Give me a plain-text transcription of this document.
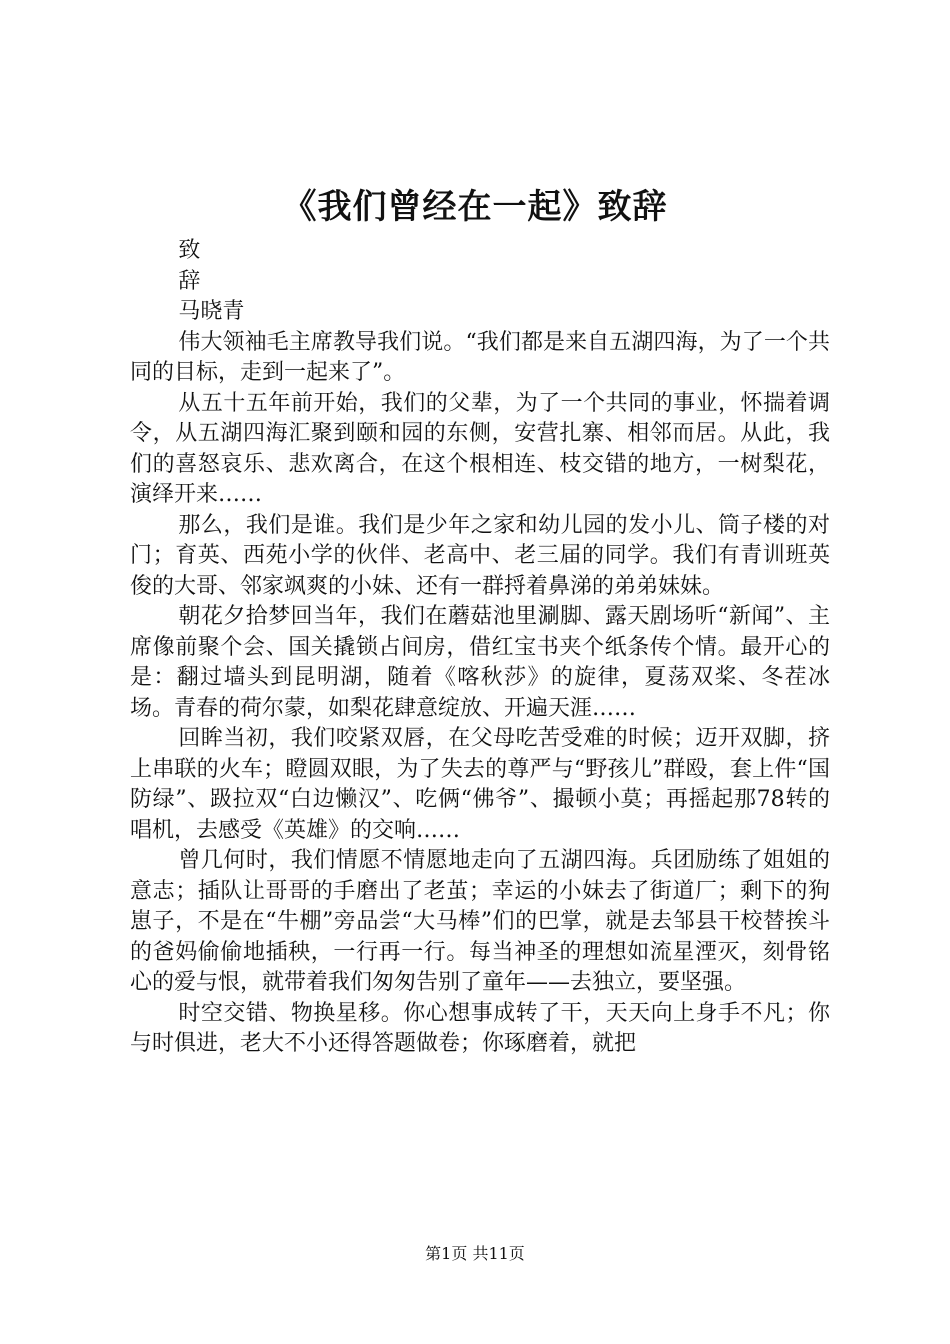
《我们曾经在一起》致辞

致

辞

马晓青

伟大领袖毛主席教导我们说。“我们都是来自五湖四海，为了一个共同的目标，走到一起来了”。

从五十五年前开始，我们的父辈，为了一个共同的事业，怀揣着调令，从五湖四海汇聚到颐和园的东侧，安营扎寨、相邻而居。从此，我们的喜怒哀乐、悲欢离合，在这个根相连、枝交错的地方，一树梨花，演绎开来……

那么，我们是谁。我们是少年之家和幼儿园的发小儿、筒子楼的对门；育英、西苑小学的伙伴、老高中、老三届的同学。我们有青训班英俊的大哥、邻家飒爽的小妹、还有一群捋着鼻涕的弟弟妹妹。

朝花夕拾梦回当年，我们在蘑菇池里涮脚、露天剧场听“新闻”、主席像前聚个会、国关撬锁占间房，借红宝书夹个纸条传个情。最开心的是：翻过墙头到昆明湖，随着《喀秋莎》的旋律，夏荡双桨、冬茬冰场。青春的荷尔蒙，如梨花肆意绽放、开遍天涯……

回眸当初，我们咬紧双唇，在父母吃苦受难的时候；迈开双脚，挤上串联的火车；瞪圆双眼，为了失去的尊严与“野孩儿”群殴，套上件“国防绿”、趿拉双“白边懒汉”、吃俩“佛爷”、撮顿小莫；再摇起那78转的唱机，去感受《英雄》的交响……

曾几何时，我们情愿不情愿地走向了五湖四海。兵团励练了姐姐的意志；插队让哥哥的手磨出了老茧；幸运的小妹去了街道厂；剩下的狗崽子，不是在“牛棚”旁品尝“大马棒”们的巴掌，就是去邹县干校替挨斗的爸妈偷偷地插秧，一行再一行。每当神圣的理想如流星湮灭，刻骨铭心的爱与恨，就带着我们匆匆告别了童年——去独立，要坚强。

时空交错、物换星移。你心想事成转了干，天天向上身手不凡；你与时俱进，老大不小还得答题做卷；你琢磨着，就把

第1页 共11页
